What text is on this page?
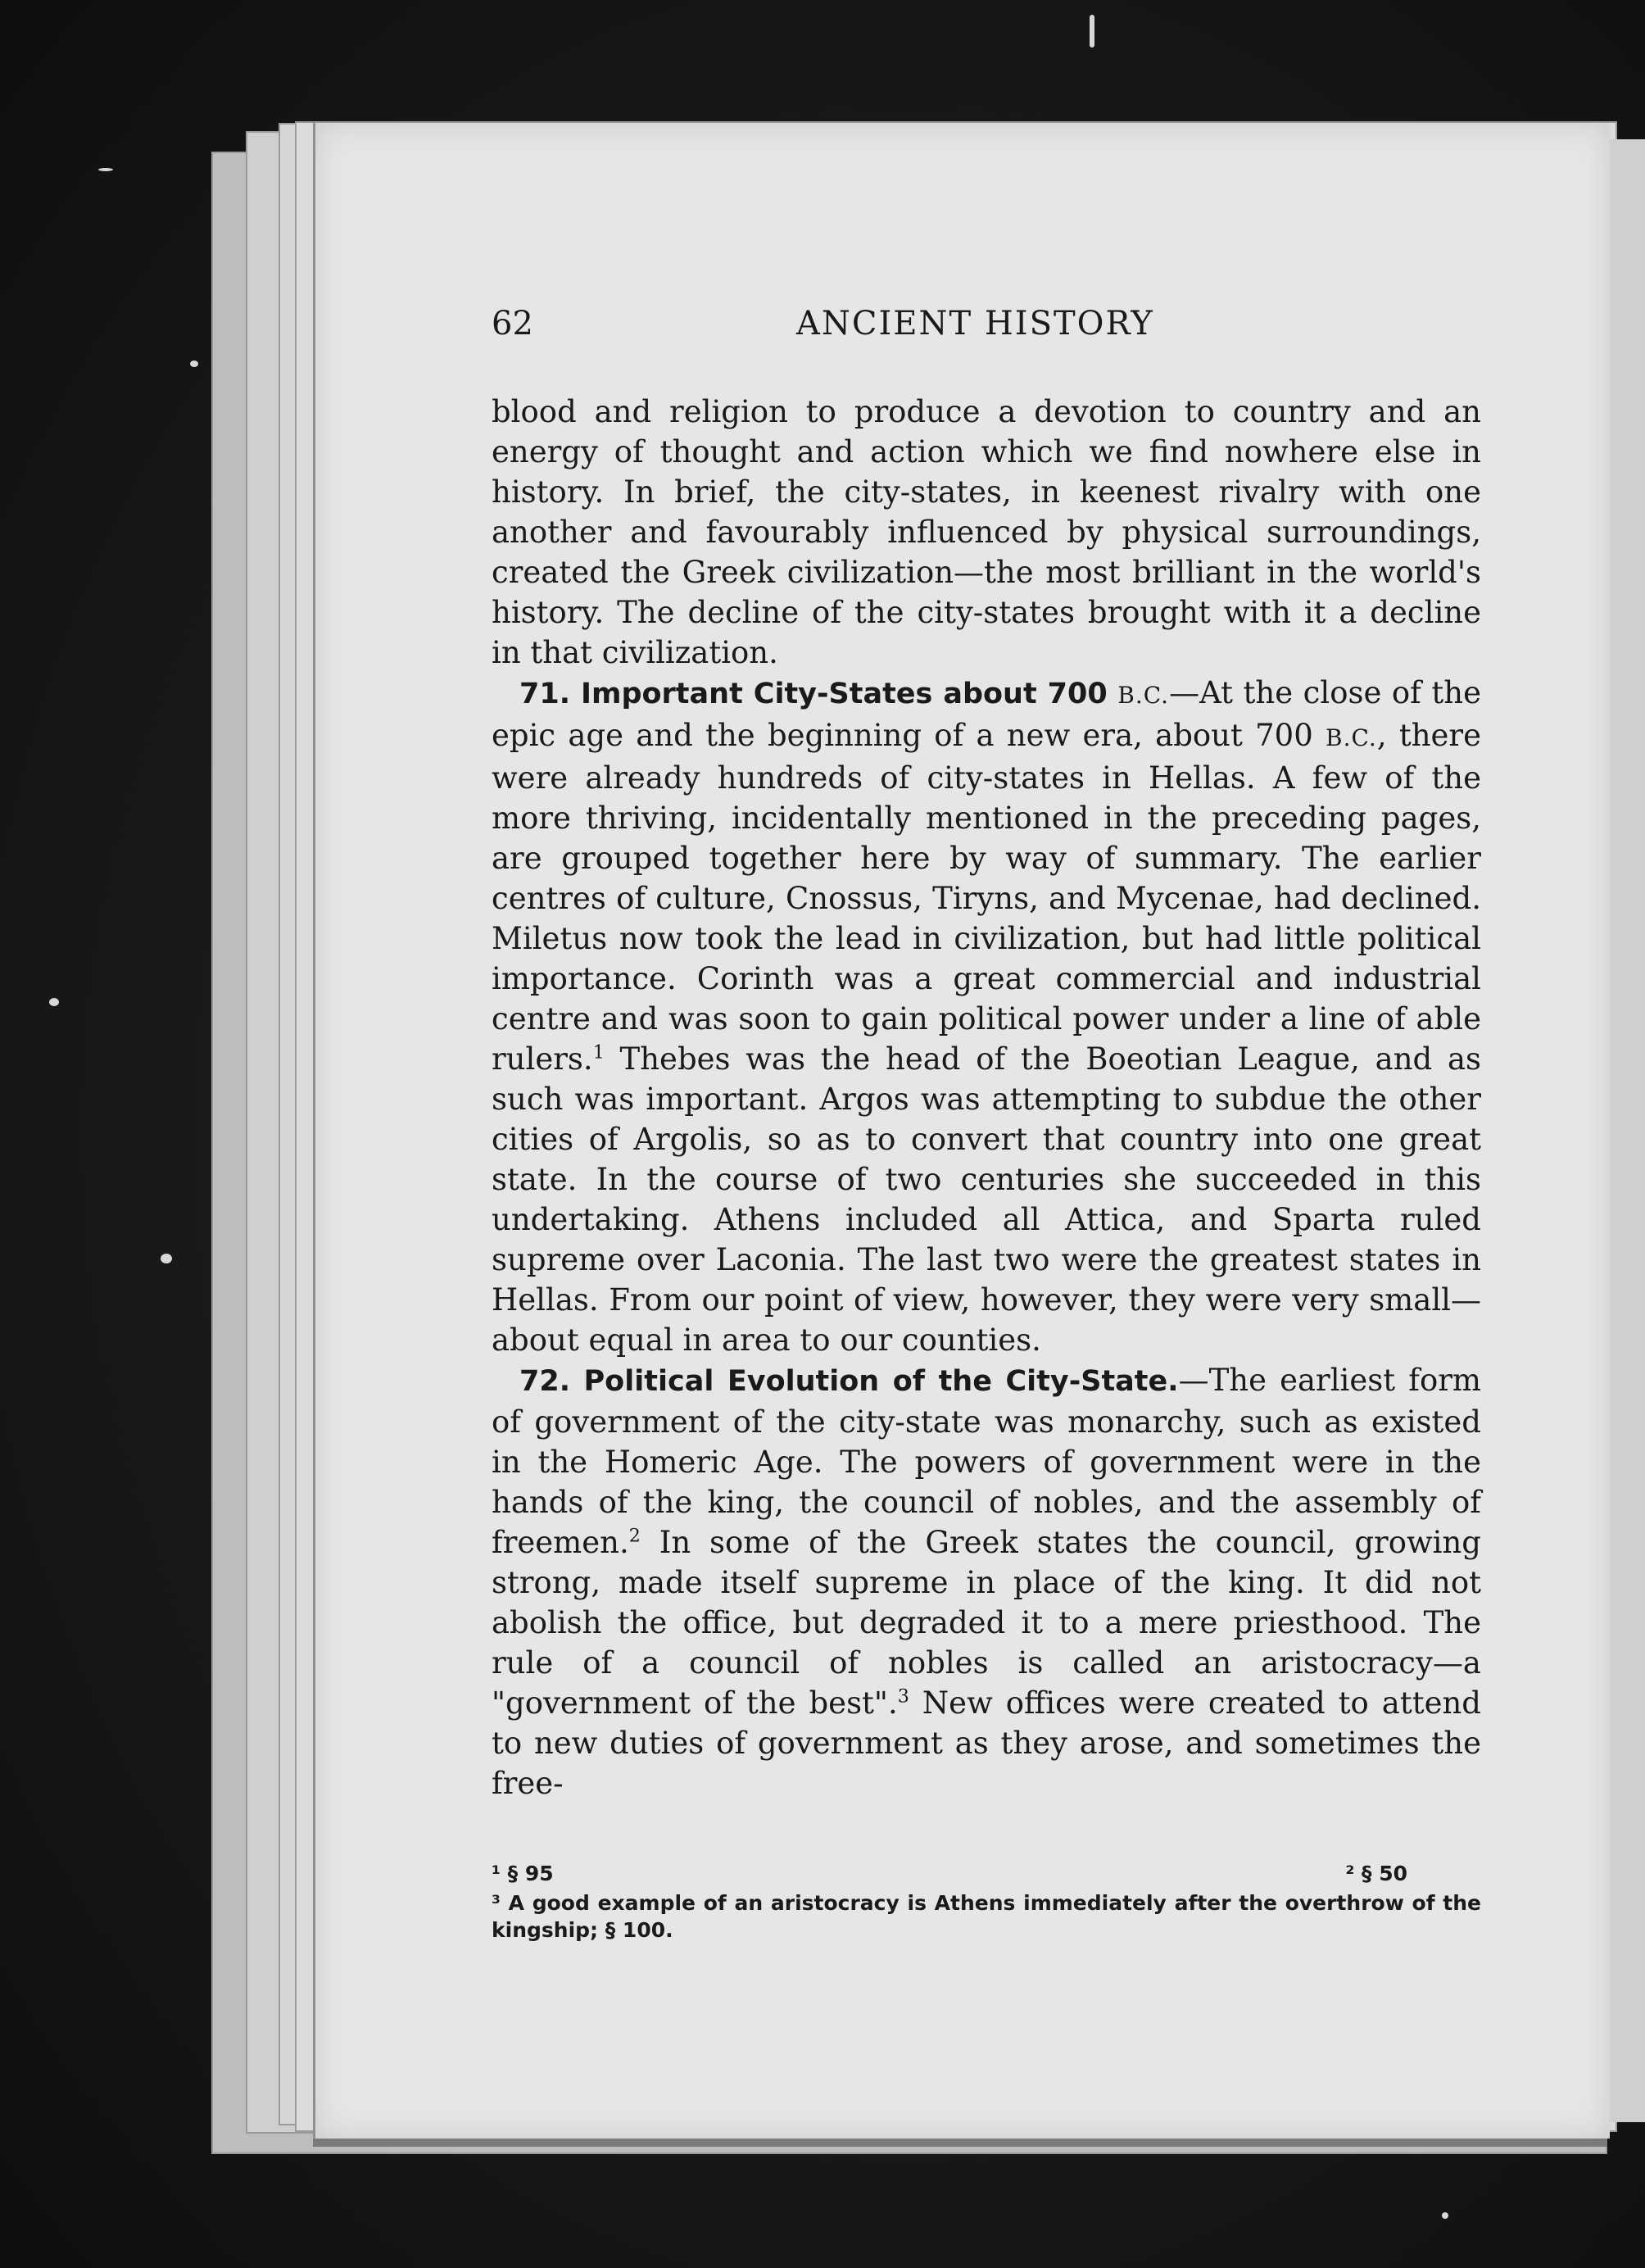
62	ANCIENT HISTORY

blood and religion to produce a devotion to country and an energy of thought and action which we find nowhere else in history. In brief, the city-states, in keenest rivalry with one another and favourably influenced by physical surroundings, created the Greek civilization—the most brilliant in the world's history. The decline of the city-states brought with it a decline in that civilization.

71. Important City-States about 700 B.C.—At the close of the epic age and the beginning of a new era, about 700 B.C., there were already hundreds of city-states in Hellas. A few of the more thriving, incidentally mentioned in the preceding pages, are grouped together here by way of summary. The earlier centres of culture, Cnossus, Tiryns, and Mycenae, had declined. Miletus now took the lead in civilization, but had little political importance. Corinth was a great commercial and industrial centre and was soon to gain political power under a line of able rulers.$^1$ Thebes was the head of the Boeotian League, and as such was important. Argos was attempting to subdue the other cities of Argolis, so as to convert that country into one great state. In the course of two centuries she succeeded in this undertaking. Athens included all Attica, and Sparta ruled supreme over Laconia. The last two were the greatest states in Hellas. From our point of view, however, they were very small—about equal in area to our counties.

72. Political Evolution of the City-State.—The earliest form of government of the city-state was monarchy, such as existed in the Homeric Age. The powers of government were in the hands of the king, the council of nobles, and the assembly of freemen.$^2$ In some of the Greek states the council, growing strong, made itself supreme in place of the king. It did not abolish the office, but degraded it to a mere priesthood. The rule of a council of nobles is called an aristocracy—a "government of the best".$^3$ New offices were created to attend to new duties of government as they arose, and sometimes the free-

¹ § 95	² § 50

³ A good example of an aristocracy is Athens immediately after the overthrow of the kingship; § 100.
